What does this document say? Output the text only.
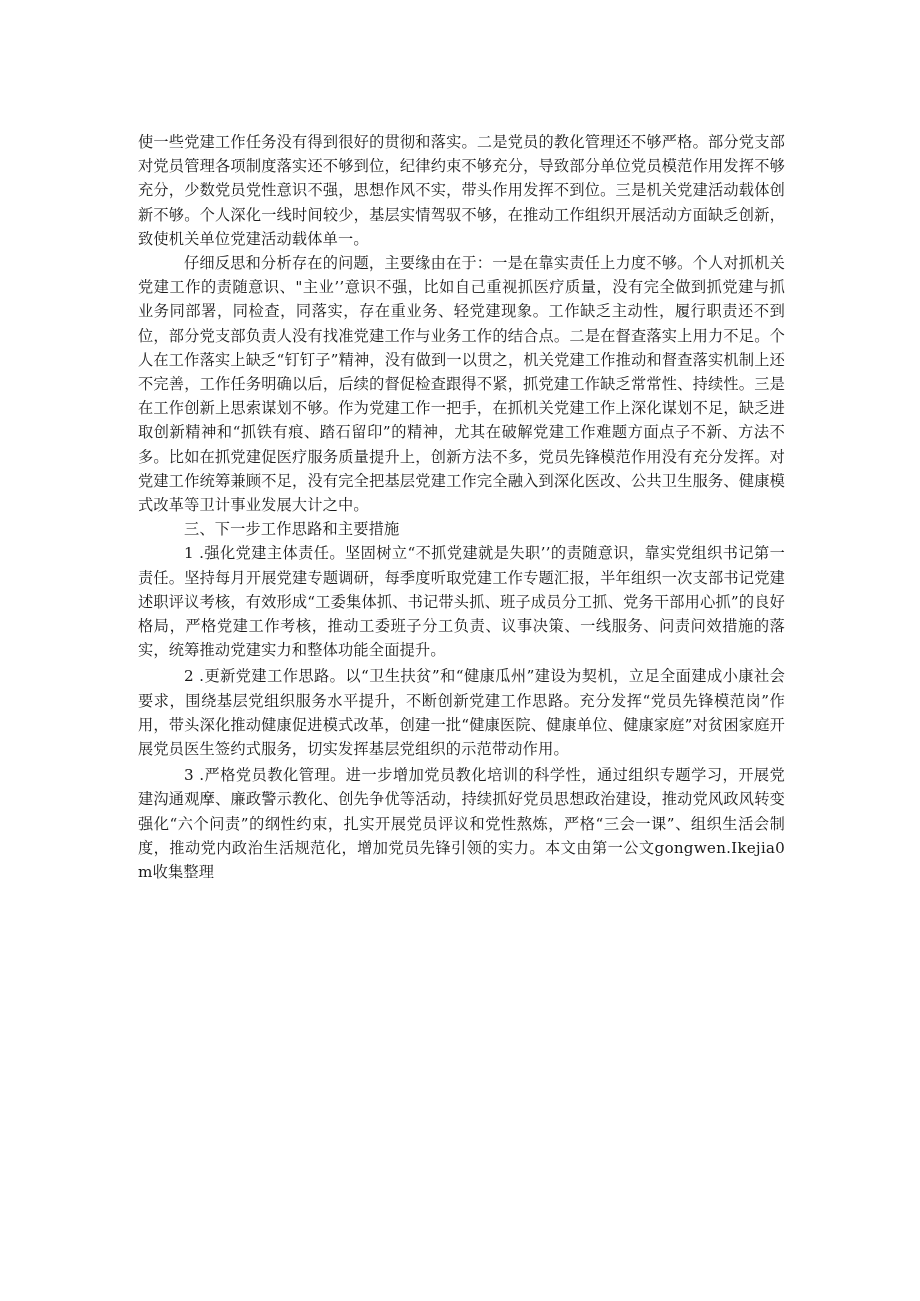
使一些党建工作任务没有得到很好的贯彻和落实。二是党员的教化管理还不够严格。部分党支部对党员管理各项制度落实还不够到位，纪律约束不够充分，导致部分单位党员模范作用发挥不够充分，少数党员党性意识不强，思想作风不实，带头作用发挥不到位。三是机关党建活动载体创新不够。个人深化一线时间较少，基层实情驾驭不够，在推动工作组织开展活动方面缺乏创新，致使机关单位党建活动载体单一。

仔细反思和分析存在的问题，主要缘由在于：一是在靠实责任上力度不够。个人对抓机关党建工作的责随意识、"主业’’意识不强，比如自己重视抓医疗质量，没有完全做到抓党建与抓业务同部署，同检查，同落实，存在重业务、轻党建现象。工作缺乏主动性，履行职责还不到位，部分党支部负责人没有找准党建工作与业务工作的结合点。二是在督查落实上用力不足。个人在工作落实上缺乏“钉钉子”精神，没有做到一以贯之，机关党建工作推动和督查落实机制上还不完善，工作任务明确以后，后续的督促检查跟得不紧，抓党建工作缺乏常常性、持续性。三是在工作创新上思索谋划不够。作为党建工作一把手，在抓机关党建工作上深化谋划不足，缺乏进取创新精神和“抓铁有痕、踏石留印”的精神，尤其在破解党建工作难题方面点子不新、方法不多。比如在抓党建促医疗服务质量提升上，创新方法不多，党员先锋模范作用没有充分发挥。对党建工作统筹兼顾不足，没有完全把基层党建工作完全融入到深化医改、公共卫生服务、健康模式改革等卫计事业发展大计之中。

三、下一步工作思路和主要措施

1 .强化党建主体责任。坚固树立“不抓党建就是失职’’的责随意识，靠实党组织书记第一责任。坚持每月开展党建专题调研，每季度听取党建工作专题汇报，半年组织一次支部书记党建述职评议考核，有效形成“工委集体抓、书记带头抓、班子成员分工抓、党务干部用心抓”的良好格局，严格党建工作考核，推动工委班子分工负责、议事决策、一线服务、问责问效措施的落实，统筹推动党建实力和整体功能全面提升。

2 .更新党建工作思路。以“卫生扶贫”和“健康瓜州”建设为契机，立足全面建成小康社会要求，围绕基层党组织服务水平提升，不断创新党建工作思路。充分发挥“党员先锋模范岗”作用，带头深化推动健康促进模式改革，创建一批“健康医院、健康单位、健康家庭”对贫困家庭开展党员医生签约式服务，切实发挥基层党组织的示范带动作用。

3 .严格党员教化管理。进一步增加党员教化培训的科学性，通过组织专题学习，开展党建沟通观摩、廉政警示教化、创先争优等活动，持续抓好党员思想政治建设，推动党风政风转变 强化“六个问责”的纲性约束，扎实开展党员评议和党性熬炼，严格“三会一课”、组织生活会制度，推动党内政治生活规范化，增加党员先锋引领的实力。本文由第一公文gongwen.Ikejia0m收集整理
